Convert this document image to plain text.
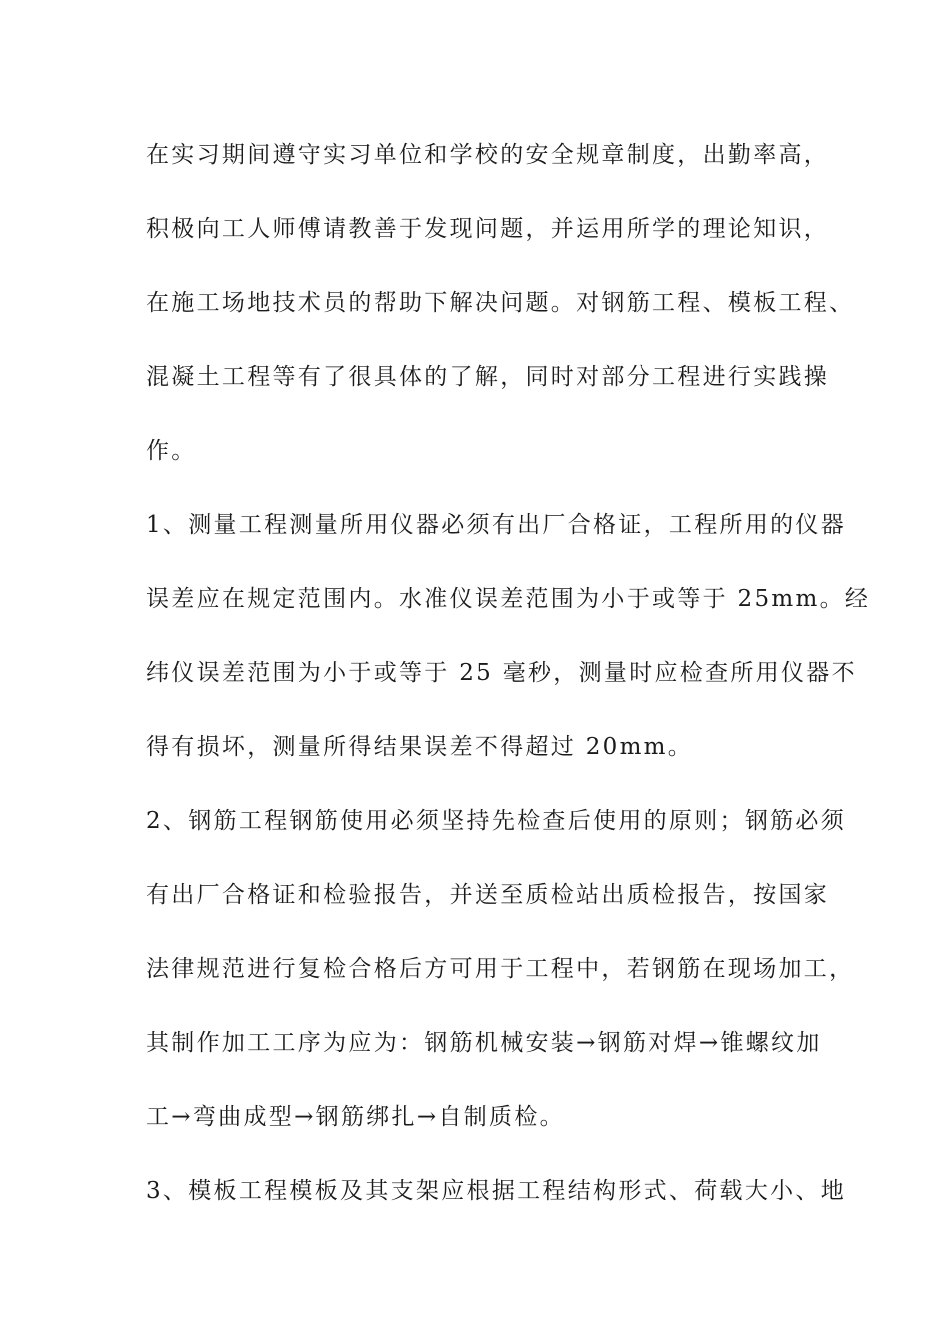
在实习期间遵守实习单位和学校的安全规章制度，出勤率高，
积极向工人师傅请教善于发现问题，并运用所学的理论知识，
在施工场地技术员的帮助下解决问题。对钢筋工程、模板工程、
混凝土工程等有了很具体的了解，同时对部分工程进行实践操
作。
1、测量工程测量所用仪器必须有出厂合格证，工程所用的仪器
误差应在规定范围内。水准仪误差范围为小于或等于 25mm。经
纬仪误差范围为小于或等于 25 毫秒，测量时应检查所用仪器不
得有损坏，测量所得结果误差不得超过 20mm。
2、钢筋工程钢筋使用必须坚持先检查后使用的原则；钢筋必须
有出厂合格证和检验报告，并送至质检站出质检报告，按国家
法律规范进行复检合格后方可用于工程中，若钢筋在现场加工，
其制作加工工序为应为：钢筋机械安装→钢筋对焊→锥螺纹加
工→弯曲成型→钢筋绑扎→自制质检。
3、模板工程模板及其支架应根据工程结构形式、荷载大小、地
